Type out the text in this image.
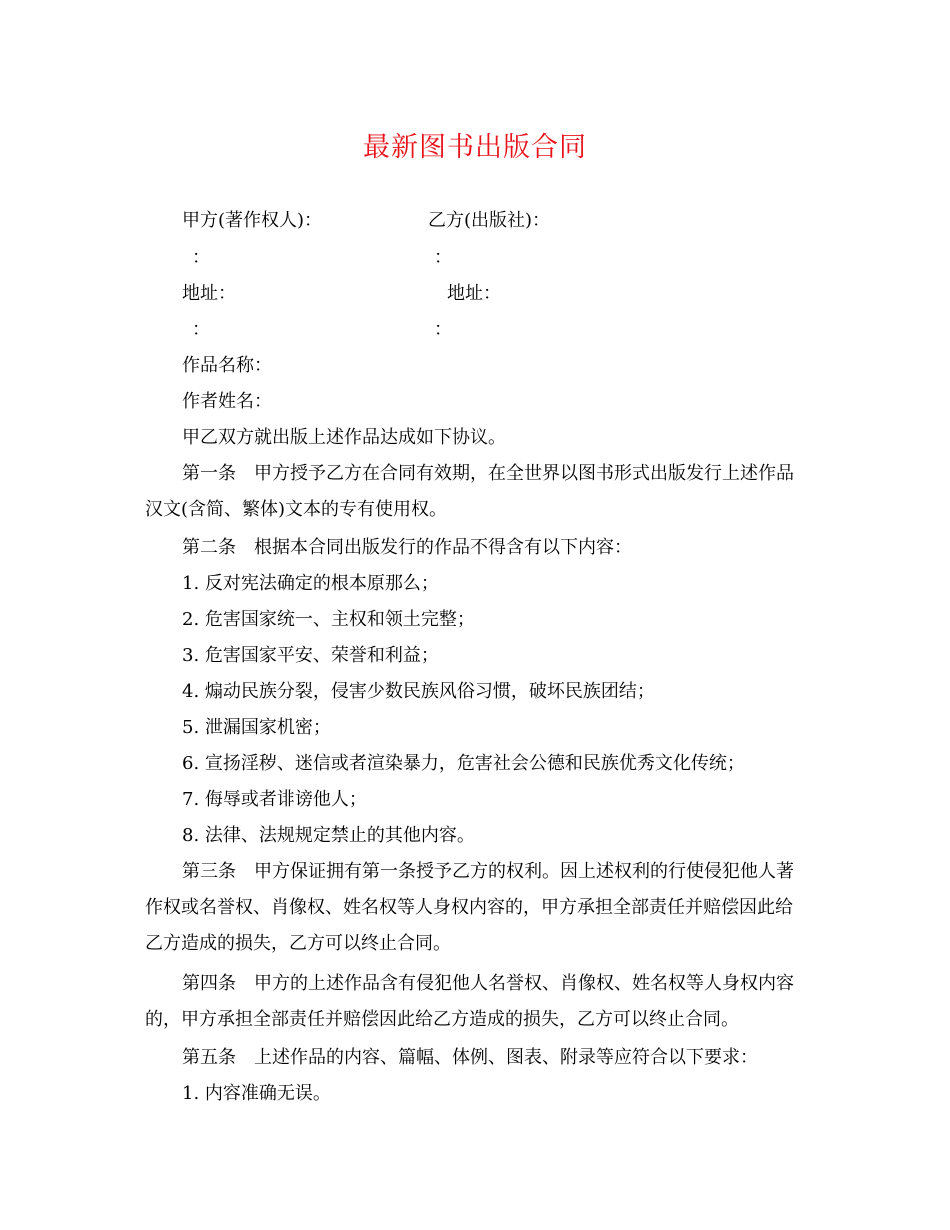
最新图书出版合同
甲方(著作权人)：	乙方(出版社)：
：	：
地址：	地址：
：	：
作品名称：
作者姓名：
甲乙双方就出版上述作品达成如下协议。
第一条 甲方授予乙方在合同有效期，在全世界以图书形式出版发行上述作品汉文(含简、繁体)文本的专有使用权。
第二条 根据本合同出版发行的作品不得含有以下内容：
1. 反对宪法确定的根本原那么；
2. 危害国家统一、主权和领土完整；
3. 危害国家平安、荣誉和利益；
4. 煽动民族分裂，侵害少数民族风俗习惯，破坏民族团结；
5. 泄漏国家机密；
6. 宣扬淫秽、迷信或者渲染暴力，危害社会公德和民族优秀文化传统；
7. 侮辱或者诽谤他人；
8. 法律、法规规定禁止的其他内容。
第三条 甲方保证拥有第一条授予乙方的权利。因上述权利的行使侵犯他人著作权或名誉权、肖像权、姓名权等人身权内容的，甲方承担全部责任并赔偿因此给乙方造成的损失，乙方可以终止合同。
第四条 甲方的上述作品含有侵犯他人名誉权、肖像权、姓名权等人身权内容的，甲方承担全部责任并赔偿因此给乙方造成的损失，乙方可以终止合同。
第五条 上述作品的内容、篇幅、体例、图表、附录等应符合以下要求：
1. 内容准确无误。
